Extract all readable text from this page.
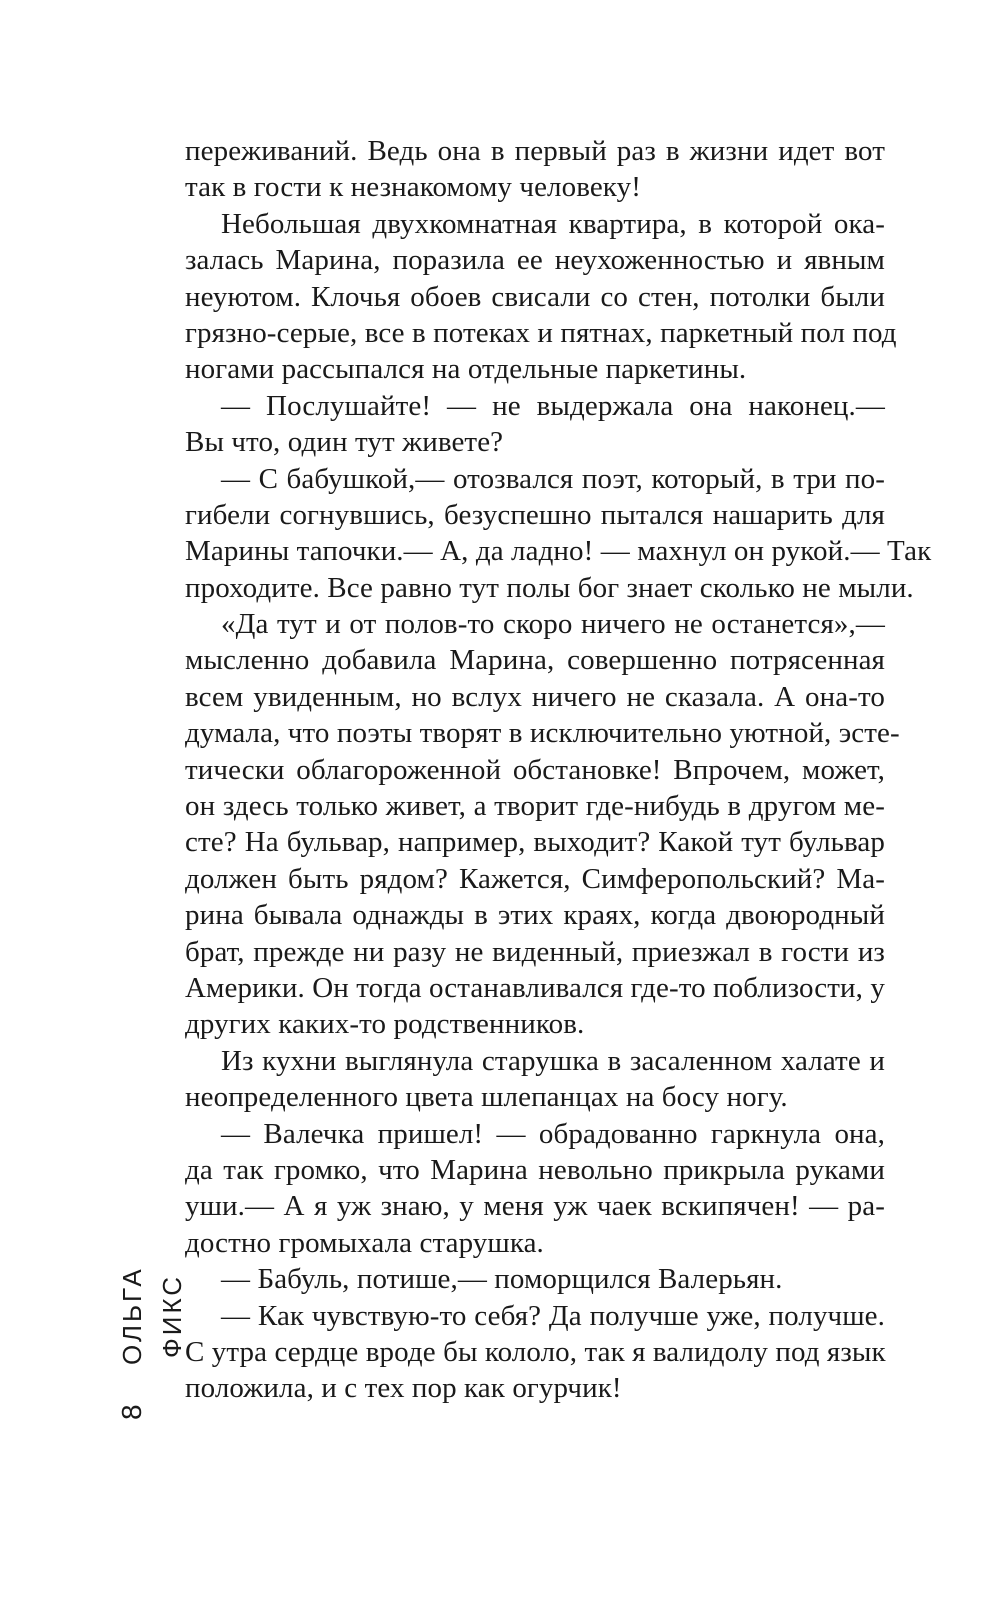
переживаний. Ведь она в первый раз в жизни идет вот
так в гости к незнакомому человеку!
Небольшая двухкомнатная квартира, в которой ока-
залась Марина, поразила ее неухоженностью и явным
неуютом. Клочья обоев свисали со стен, потолки были
грязно-серые, все в потеках и пятнах, паркетный пол под
ногами рассыпался на отдельные паркетины.
— Послушайте! — не выдержала она наконец.—
Вы что, один тут живете?
— С бабушкой,— отозвался поэт, который, в три по-
гибели согнувшись, безуспешно пытался нашарить для
Марины тапочки.— А, да ладно! — махнул он рукой.— Так
проходите. Все равно тут полы бог знает сколько не мыли.
«Да тут и от полов-то скоро ничего не останется»,—
мысленно добавила Марина, совершенно потрясенная
всем увиденным, но вслух ничего не сказала. А она-то
думала, что поэты творят в исключительно уютной, эсте-
тически облагороженной обстановке! Впрочем, может,
он здесь только живет, а творит где-нибудь в другом ме-
сте? На бульвар, например, выходит? Какой тут бульвар
должен быть рядом? Кажется, Симферопольский? Ма-
рина бывала однажды в этих краях, когда двоюродный
брат, прежде ни разу не виденный, приезжал в гости из
Америки. Он тогда останавливался где-то поблизости, у
других каких-то родственников.
Из кухни выглянула старушка в засаленном халате и
неопределенного цвета шлепанцах на босу ногу.
— Валечка пришел! — обрадованно гаркнула она,
да так громко, что Марина невольно прикрыла руками
уши.— А я уж знаю, у меня уж чаек вскипячен! — ра-
достно громыхала старушка.
— Бабуль, потише,— поморщился Валерьян.
— Как чувствую-то себя? Да получше уже, получше.
С утра сердце вроде бы кололо, так я валидолу под язык
положила, и с тех пор как огурчик!
ОЛЬГА ФИКС
8
